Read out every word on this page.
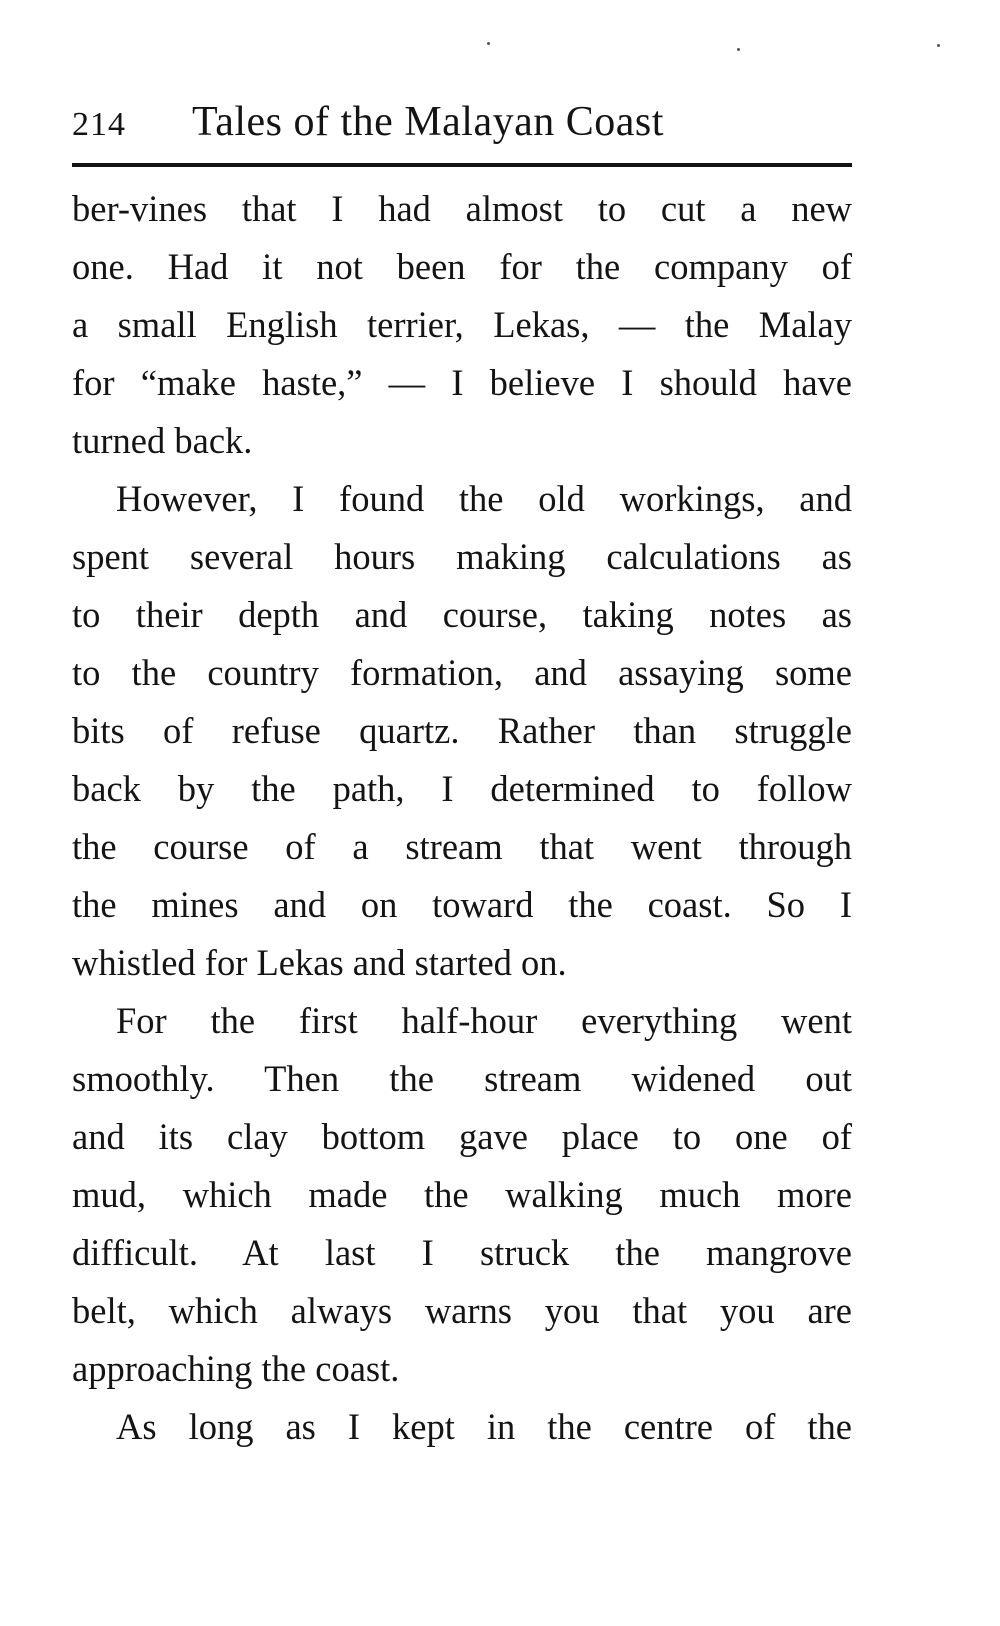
214 Tales of the Malayan Coast
ber-vines that I had almost to cut a new
one. Had it not been for the company of
a small English terrier, Lekas, — the Malay
for “make haste,” — I believe I should have
turned back.
However, I found the old workings, and
spent several hours making calculations as
to their depth and course, taking notes as
to the country formation, and assaying some
bits of refuse quartz. Rather than struggle
back by the path, I determined to follow
the course of a stream that went through
the mines and on toward the coast. So I
whistled for Lekas and started on.
For the first half-hour everything went
smoothly. Then the stream widened out
and its clay bottom gave place to one of
mud, which made the walking much more
difficult. At last I struck the mangrove
belt, which always warns you that you are
approaching the coast.
As long as I kept in the centre of the
